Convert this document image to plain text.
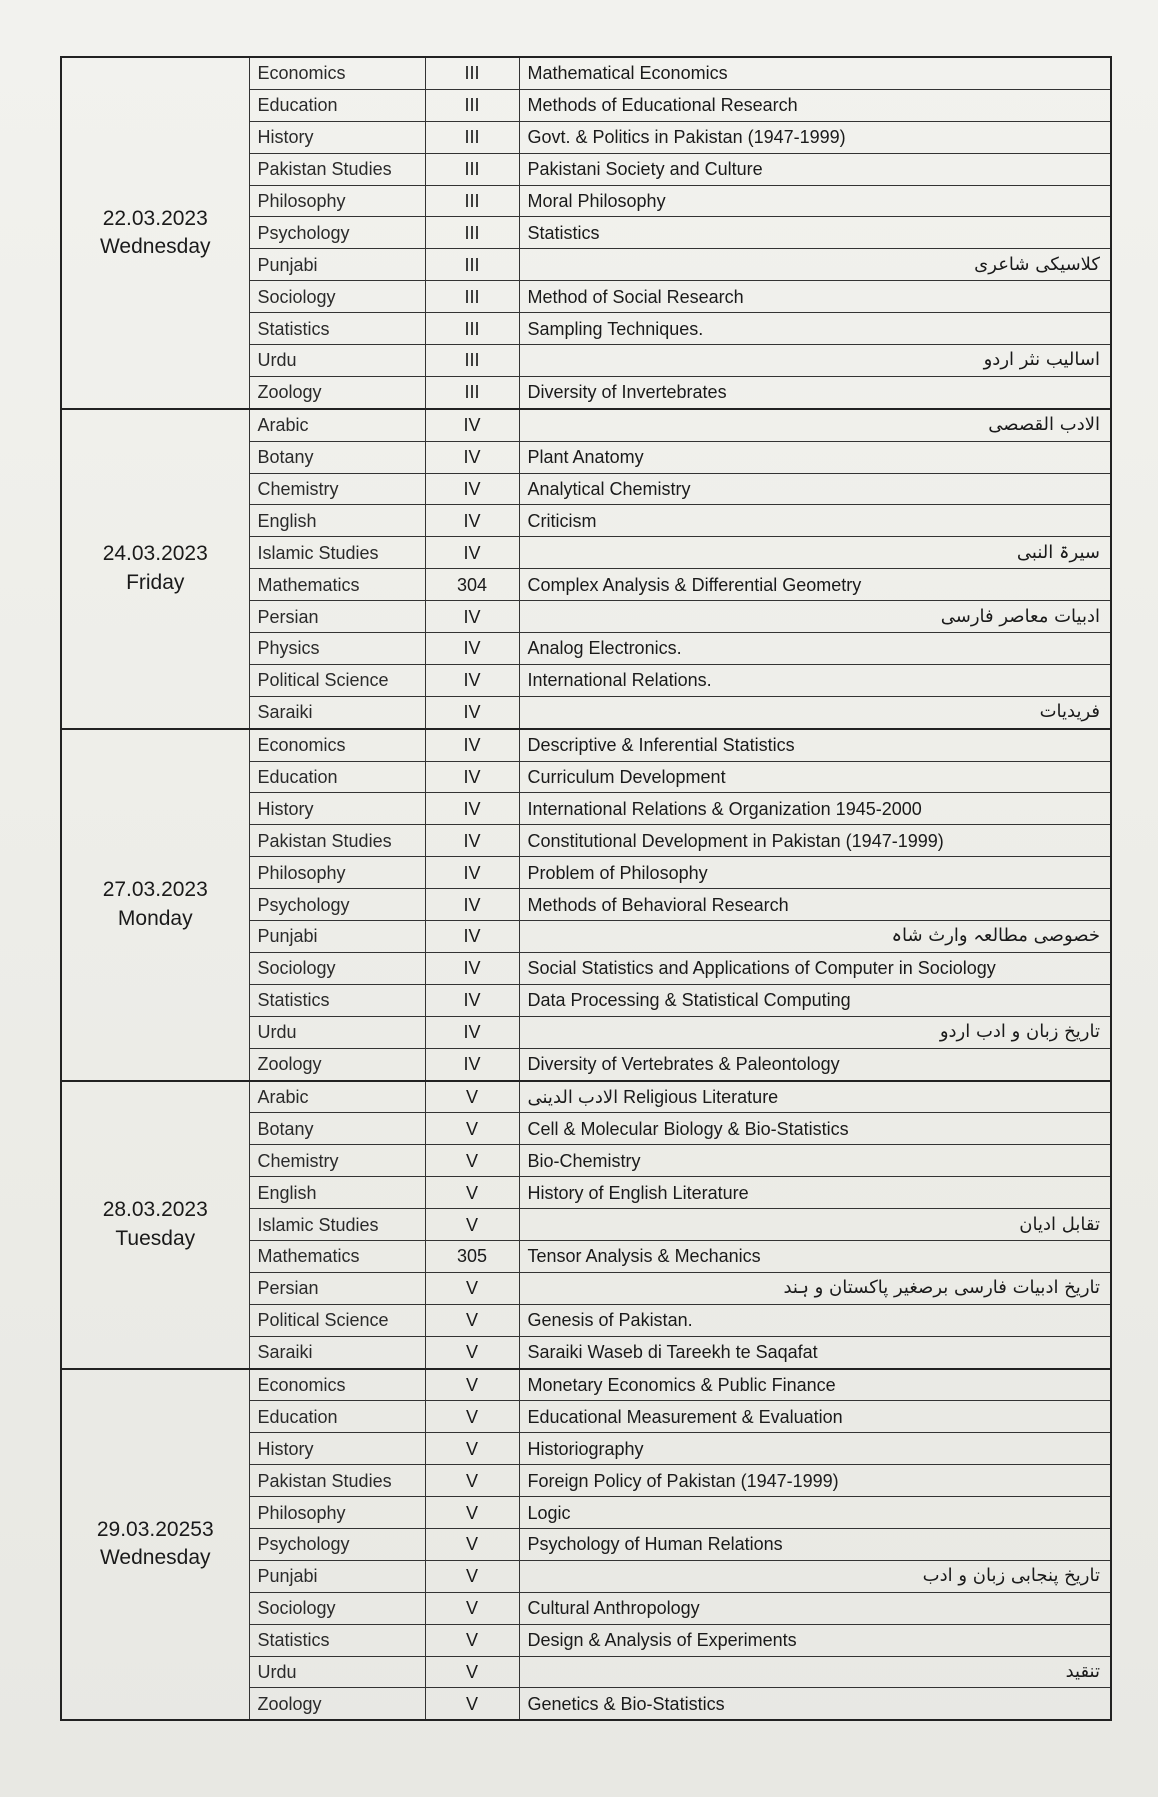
22.03.2023
Wednesday	Economics	III	Mathematical Economics
	Education	III	Methods of Educational Research
	History	III	Govt. & Politics in Pakistan (1947-1999)
	Pakistan Studies	III	Pakistani Society and Culture
	Philosophy	III	Moral Philosophy
	Psychology	III	Statistics
	Punjabi	III	کلاسیکی شاعری
	Sociology	III	Method of Social Research
	Statistics	III	Sampling Techniques.
	Urdu	III	اسالیب نثر اردو
	Zoology	III	Diversity of Invertebrates

24.03.2023
Friday	Arabic	IV	الادب القصصی
	Botany	IV	Plant Anatomy
	Chemistry	IV	Analytical Chemistry
	English	IV	Criticism
	Islamic Studies	IV	سیرۃ النبی
	Mathematics	304	Complex Analysis & Differential Geometry
	Persian	IV	ادبیات معاصر فارسی
	Physics	IV	Analog Electronics.
	Political Science	IV	International Relations.
	Saraiki	IV	فریدیات

27.03.2023
Monday	Economics	IV	Descriptive & Inferential Statistics
	Education	IV	Curriculum Development
	History	IV	International Relations & Organization 1945-2000
	Pakistan Studies	IV	Constitutional Development in Pakistan (1947-1999)
	Philosophy	IV	Problem of Philosophy
	Psychology	IV	Methods of Behavioral Research
	Punjabi	IV	خصوصی مطالعہ وارث شاہ
	Sociology	IV	Social Statistics and Applications of Computer in Sociology
	Statistics	IV	Data Processing & Statistical Computing
	Urdu	IV	تاریخ زبان و ادب اردو
	Zoology	IV	Diversity of Vertebrates & Paleontology

28.03.2023
Tuesday	Arabic	V	الادب الدینی Religious Literature
	Botany	V	Cell & Molecular Biology & Bio-Statistics
	Chemistry	V	Bio-Chemistry
	English	V	History of English Literature
	Islamic Studies	V	تقابل ادیان
	Mathematics	305	Tensor Analysis & Mechanics
	Persian	V	تاریخ ادبیات فارسی برصغیر پاکستان و ہند
	Political Science	V	Genesis of Pakistan.
	Saraiki	V	Saraiki Waseb di Tareekh te Saqafat

29.03.20253
Wednesday	Economics	V	Monetary Economics & Public Finance
	Education	V	Educational Measurement & Evaluation
	History	V	Historiography
	Pakistan Studies	V	Foreign Policy of Pakistan (1947-1999)
	Philosophy	V	Logic
	Psychology	V	Psychology of Human Relations
	Punjabi	V	تاریخ پنجابی زبان و ادب
	Sociology	V	Cultural Anthropology
	Statistics	V	Design & Analysis of Experiments
	Urdu	V	تنقید
	Zoology	V	Genetics & Bio-Statistics
